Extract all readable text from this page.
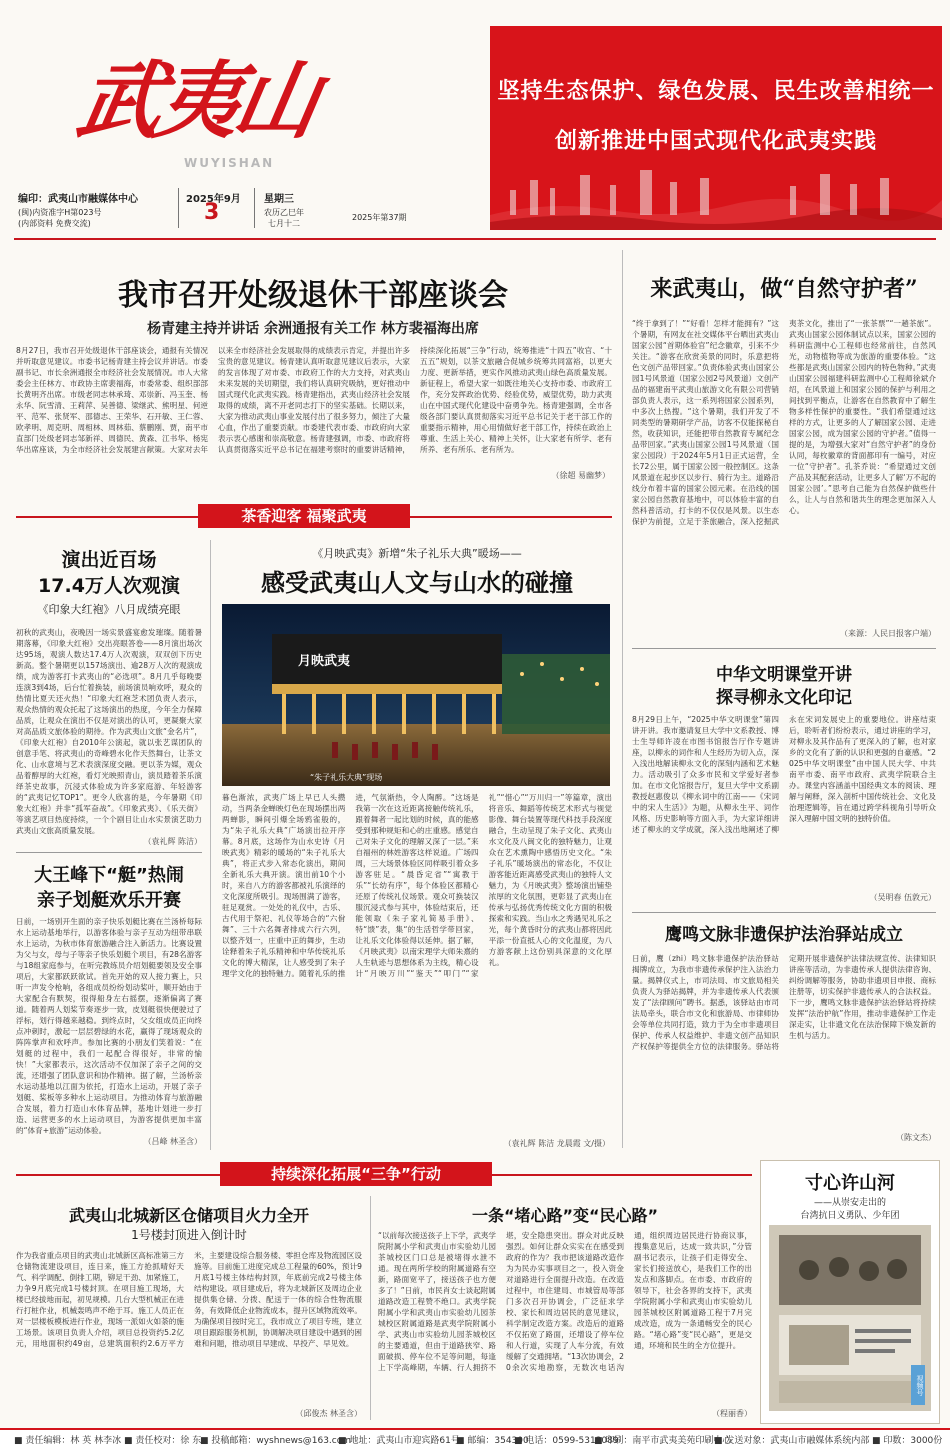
武夷山
WUYISHAN
坚持生态保护、绿色发展、民生改善相统一
创新推进中国式现代化武夷实践
编印：武夷山市融媒体中心
(闽)内资准字H第023号
(内部资料 免费交流)
2025年9月
3
星期三
农历乙巳年
七月十二
2025年第37期
我市召开处级退休干部座谈会
杨青建主持并讲话 余洲通报有关工作 林方裴福海出席
8月27日，我市召开处级退休干部座谈会，通报有关情况并听取意见建议。市委书记杨青建主持会议并讲话。市委副书记、市长余洲通报全市经济社会发展情况。市人大常委会主任林方、市政协主席裴福海，市委常委、组织部部长黄明齐出席。市级老同志林承琦、邓崇新、冯玉奎、杨永华、阮雪清、王莉萍、吴善德、梁继武、熊明星、何逆平、范军、张贤军、邵德志、王荣华、石开敏、王仁蓉、欧孝明、周克明、周相林、周林茹、蔡鹏刚、贾，南平市直部门处级老同志邹新祥、周德民、黄森、江书华、杨宪华出席座谈，为全市经济社会发展建言献策。大家对去年以来全市经济社会发展取得的成绩表示肯定，并提出许多宝贵的意见建议。杨青建认真听取意见建议后表示，大家的发言体现了对市委、市政府工作的大力支持，对武夷山未来发展的关切期望，我们将认真研究吸纳，更好推动中国式现代化武夷实践。杨青建指出，武夷山经济社会发展取得的成绩，离不开老同志打下的坚实基础。长期以来，大家为推动武夷山事业发展付出了很多努力，倾注了大量心血，作出了重要贡献。市委建代表市委、市政府向大家表示衷心感谢和崇高敬意。杨青建强调，市委、市政府将认真贯彻落实近平总书记在福建考察时的重要讲话精神，持续深化拓展“三争”行动，统筹推进“十四五”收官、“十五五”规划，以茶文旅融合促城乡统筹共同富裕，以更大力度、更新举措，更实作风推动武夷山绿色高质量发展。新征程上，希望大家一如既往地关心支持市委、市政府工作，充分发挥政治优势、经验优势，威望优势，助力武夷山在中国式现代化建设中奋勇争先。杨青建强调，全市各级各部门要认真贯彻落实习近平总书记关于老干部工作的重要指示精神，用心用情做好老干部工作，持续在政治上尊重、生活上关心、精神上关怀，让大家老有所学、老有所养、老有所乐、老有所为。
（徐超 易幽梦）
茶香迎客 福聚武夷
演出近百场
17.4万人次观演
《印象大红袍》八月成绩亮眼
初秋的武夷山，夜晚因一场实景盛宴愈发璀璨。随着暑期落幕，《印象大红袍》交出亮眼答卷——8月演出场次达95场，观演人数达17.4万人次观演，双双创下历史新高。整个暑期更以157场演出、逾28万人次的观演成绩，成为游客打卡武夷山的“必选项”。8月几乎每晚要连演3到4场，后台忙着换装，前场演员响欢呼，观众的热情比夏天还火热！“印象大红袍芝术团负责人表示，观众热情的观众托起了这场演出的热度，今年全力保障品质，让观众在演出不仅是对演出的认可，更凝聚大家对高品质文旅体验的期待。作为武夷山文旅“金名片”，《印象大红袍》自2010年公演起，就以张艺谋团队的创意手笔、将武夷山的奇峰碧水化作天然舞台，让茶文化、山水意境与艺术表演深度交融。更以茶为媒，观众品着醇厚的大红袍，看灯光映照青山，演员踏着茶乐演绎茶史故事，沉浸式体验成为许多家庭游、年轻游客的“武夷记忆TOP1”。更令人欣喜的是，今年暑期《印象大红袍》并非“孤军奋战”。《印象武夷》、《乐天街》等演艺项目热度持续，一个个剧目让山水实景演艺助力武夷山文旅高质量发展。
（袁礼辉 陈洁）
大王峰下“艇”热闹
亲子划艇欢乐开赛
日前，一场别开生面的亲子快乐划艇比赛在兰汤桥每际水上运动基地举行，以游客体验与亲子互动为纽带串联水上运动，为秋市体育旅游融合注入新活力。比赛设置为父与女，母与子等亲子快乐划艇个项目，有28名游客与18组家庭参与，在听完教练员介绍划艇要领及安全事项后，大家都跃跃欲试。首先开始的双人接力赛上，只听一声发令枪响，各组成员纷纷划动桨叶，顺开始由于大家配合有默契，很得船身左右摇摆，逐渐偏离了赛道。随着两人划桨节奏逐步一致，皮划艇很快便驶过了浮标，划行得越来越稳。到终点时，父女组成员正向终点冲刺时，激起一层层碧绿的水花，赢得了现场观众的阵阵掌声和欢呼声。参加比赛的小朋友们笑着说：“在划艇的过程中，我们一起配合得很好，非常的愉快！”大家都表示，这次活动不仅加深了亲子之间的交流，还增强了团队意识和协作精神。据了解，兰汤桥亲水运动基地以江面为依托，打造水上运动，开展了亲子划艇、桨板等多种水上运动项目。为推动体育与旅游融合发展，着力打造山水体育品牌，基地计划进一步打造、运营更多的水上运动项目，为游客提供更加丰富的“体育+旅游”运动体验。
（吕峰 林圣含）
《月映武夷》新增“朱子礼乐大典”暖场——
感受武夷山人文与山水的碰撞
月映武夷
“朱子礼乐大典”现场
暮色渐浓，武夷广场上早已人头攒动，当两条金蝉映灯色在现场摆出两两蝉影，瞬间引爆全场鸦雀般的，为“朱子礼乐大典”广场演出拉开序幕。8月底，这场作为山水史诗《月映武夷》精彩的暖场的“朱子礼乐大典”，将正式步入常态化演出，期间全新礼乐大典开演。演出前10个小时，来自八方的游客都被礼乐演绎的文化深度所吸引。现场围满了游客，驻足观赏。一处处的礼仪中，古乐、古代用于祭祀、礼仪等场合的“六佾舞”、三十六名舞者排成六行六列，以整齐划一，庄重中正的舞步，生动诠释着朱子礼乐精神和中华传统礼乐文化的博大精深，让人感受到了朱子理学文化的独特魅力。随着礼乐的推进，气氛渐热，令人陶醉。“这场是我第一次在这近距离接触传统礼乐，跟着舞者一起比划的时候，真的能感受到那种规矩和心的庄重感。感觉自己对朱子文化的理解又深了一层。”来自福州的林姓游客这样说道。广场四周，三大场景体验区同样吸引着众多游客驻足。“晨昏定省”“寓教于乐”“长幼有序”，每个体验区都精心还原了传统礼仪场景。观众可换装汉服沉浸式参与其中，体验结束后，还能领取《朱子家礼简易手册》、特“馈”表，集“的生活哲学带回家，让礼乐文化体验得以延伸。据了解，《月映武夷》以南宋理学大师朱熹的人生轨迹与思想体系为主线，精心设计“月映万川”“鉴天”“叩门”“家礼”“惜心”“万川归一”等篇章，演出将音乐、舞蹈等传统艺术形式与视觉影像、舞台装置等现代科技手段深度融合，生动呈现了朱子文化、武夷山水文化及八闽文化的独特魅力，让观众在艺术熏陶中感悟历史文化。“朱子礼乐”暖场演出的常态化，不仅让游客能近距离感受武夷山的独特人文魅力，为《月映武夷》整场演出铺垫浓厚的文化氛围，更彰显了武夷山在传承与弘扬优秀传统文化方面的积极探索和实践。当山水之秀遇见礼乐之光，每个黄昏时分的武夷山都将因此平添一份直抵人心的文化温度，为八方游客献上这份别具深意的文化厚礼。
（袁礼辉 陈洁 龙晨霞 文/摄）
来武夷山，做“自然守护者”
“终于拿到了！”“好看！怎样才能拥有？”这个暑期，有网友在社交媒体平台晒出武夷山国家公园“首期体验官”纪念徽章，引来不少关注。“游客在欣赏美景的同时，乐意把将色文创产品带回家。”负责体验武夷山国家公园1号风景道（国家公园2号风景道）文创产品的福建南平武夷山旅游文化有限公司营销部负责人表示，这一系列将国家公园系列，中多次上热搜。“这个暑期，我们开发了不同类型的暑期研学产品，访客不仅能探秘自然，收获知识，还能把带自然教育专属纪念品带回家。”武夷山国家公园1号风景道（国家公园段）于2024年5月1日正式运营，全长72公里，属于国家公园一般控制区。这条风景道在起步区以步行、骑行为主。道路沿线分布着丰富的国家公园元素。在沿线的国家公园自然教育基地中，可以体验丰富的自然科普活动，打卡的不仅仅是风景。以生态保护为前提，立足于茶旅融合，深入挖掘武夷茶文化，推出了“一张茶票”“一趟茶旅”。武夷山国家公园体制试点以来，国家公园的科研监测中心工程师也经常前往，自然风光，动物植物等成为旅游的重要体验。“这些都是武夷山国家公园内的特色物种。”武夷山国家公园福建科研监测中心工程师徐斌介绍，在风景道上和国家公园的保护与利用之间找到平衡点，让游客在自然教育中了解生物多样性保护的重要性。“我们希望通过这样的方式，让更多的人了解国家公园、走进国家公园，成为国家公园的守护者。”值得一提的是，为增强大家对“自然守护者”的身份认同，每枚徽章的背面都印有一编号，对应一位“守护者”。孔茶乔说：“希望通过文创产品及其配套活动，让更多人了解‘万不起的国家公园’。”思考自己能为自然保护做些什么，让人与自然和谐共生的理念更加深入人心。
（来源：人民日报客户端）
中华文明课堂开讲
探寻柳永文化印记
8月29日上午，“2025中华文明课堂”第四讲开讲。我市邀请复旦大学中文系教授、博士生导师许凌在市图书馆报告厅作专题讲座，以柳永的词作和人生经历为切入点，深入浅出地解读柳永文化的深刻内涵和艺术魅力。活动吸引了众多市民和文学爱好者参加。在市文化馆报告厅，复旦大学中文系副教授赵惠俊以《柳永词中的江南——《宋词中的宋人生活》》为题，从柳永生平、词作风格、历史影响等方面入手，为大家详细讲述了柳永的文学成就，深入浅出地阐述了柳永在宋词发展史上的重要地位。讲座结束后，聆听者们纷纷表示，通过讲座的学习，对柳永及其作品有了更深入的了解，也对家乡的文化有了新的认识和更强的自豪感。“2025中华文明课堂”由中国人民大学、中共南平市委、南平市政府、武夷学院联合主办。课堂内容涵盖中国经典文本的阅读、理解与阐释，深入剖析中国传统社会、文化及治理逻辑等，旨在通过跨学科视角引导听众深入理解中国文明的独特价值。
（吴明春 伍敦元）
鹰鸣文脉非遗保护法治驿站成立
日前，鹰（zhi）鸣文脉非遗保护法治驿站揭牌成立，为我市非遗传承保护注入法治力量。揭牌仪式上，市司法局、市文旅局相关负责人为驿站揭牌，并为非遗传承人代表颁发了“法律顾问”聘书。据悉，该驿站由市司法局牵头，联合市文化和旅游局、市律师协会等单位共同打造，致力于为全市非遗项目保护、传承人权益维护、非遗文创产品知识产权保护等提供全方位的法律服务。驿站将定期开展非遗保护法律法规宣传、法律知识讲座等活动，为非遗传承人提供法律咨询、纠纷调解等服务，协助非遗项目申报、商标注册等，切实保护非遗传承人的合法权益。下一步，鹰鸣文脉非遗保护法治驿站将持续发挥“法治护航”作用，推动非遗保护工作走深走实，让非遗文化在法治保障下焕发新的生机与活力。
（陈文杰）
持续深化拓展“三争”行动
武夷山北城新区仓储项目火力全开
1号楼封顶进入倒计时
作为我省重点项目的武夷山北城新区高标准第三方仓储物流建设项目，连日来，施工方抢抓晴好天气、科学调配、倒排工期，铆足干劲、加紧施工，力争9月底完成1号楼封顶。在项目施工现场，大楼已经拔地而起，初见规模。几台大型机械正在进行打桩作业，机械轰鸣声不绝于耳。施工人员正在对一层楼板模板进行作业，现场一派如火如荼的施工场景。该项目负责人介绍，项目总投资约5.2亿元，用地面积约49亩，总建筑面积约2.6万平方米，主要建设综合服务楼、零担仓库及物流园区设施等。目前施工进度完成总工程量的60%，预计9月底1号楼主体结构封顶，年底前完成2号楼主体结构建设。项目建成后，将为北城新区及周边企业提供集仓储、分拨、配送于一体的综合性物流服务，有效降低企业物流成本，提升区域物流效率。为确保项目按时完工，我市成立了项目专班，建立项目跟踪服务机制，协调解决项目建设中遇到的困难和问题，推动项目早建成、早投产、早见效。
（邱俊杰 林圣含）
一条“堵心路”变“民心路”
“以前每次接送孩子上下学，武夷学院附属小学和武夷山市实验幼儿园茶城校区门口总是被堵得水泄不通。现在两所学校的附属道路有空新，路面宽平了，接送孩子也方便多了！”日前，市民肖女士谈起附属道路改造工程赞不绝口。武夷学院附属小学和武夷山市实验幼儿园茶城校区附属道路是武夷学院附属小学、武夷山市实验幼儿园茶城校区的主要通道，但由于道路狭窄、路面破损、停车位不足等问题，每逢上下学高峰期，车辆、行人拥挤不堪，安全隐患突出。群众对此反映强烈。如何让群众实实在在感受到政府的作为？我市把该道路改造作为为民办实事项目之一，投入资金对道路进行全面提升改造。在改造过程中，市住建局、市城管局等部门多次召开协调会，广泛征求学校、家长和周边居民的意见建议，科学制定改造方案。改造后的道路不仅拓宽了路面，还增设了停车位和人行道，实现了人车分流，有效缓解了交通拥堵。“13次协调会，20余次实地勘察，无数次电话沟通，组织周边居民进行协商议事，搜集意见后，达成一致共识，”分管副书记表示，让孩子们走得安全、家长们接送放心，是我们工作的出发点和落脚点。在市委、市政府的领导下，社会各界的支持下，武夷学院附属小学和武夷山市实验幼儿园茶城校区附属道路工程于7月完成改造，成为一条通畅安全的民心路。“堵心路”变“民心路”，更是交通，环境和民生的全方位提升。
（程丽香）
寸心许山河
——从崇安走出的
台湾抗日义勇队、少年团
视频号
■ 责任编辑：林 英 林李冰 ■ 责任校对：徐 东
■ 投稿邮箱：wyshnews@163.com
■ 地址：武夷山市迎宾路61号
■ 邮编：354300
■ 电话：0599-5313089
■ 印刷：南平市武夷美苑印刷中心
■ 发送对象：武夷山市融媒体系统内部 ■ 印数：3000份
